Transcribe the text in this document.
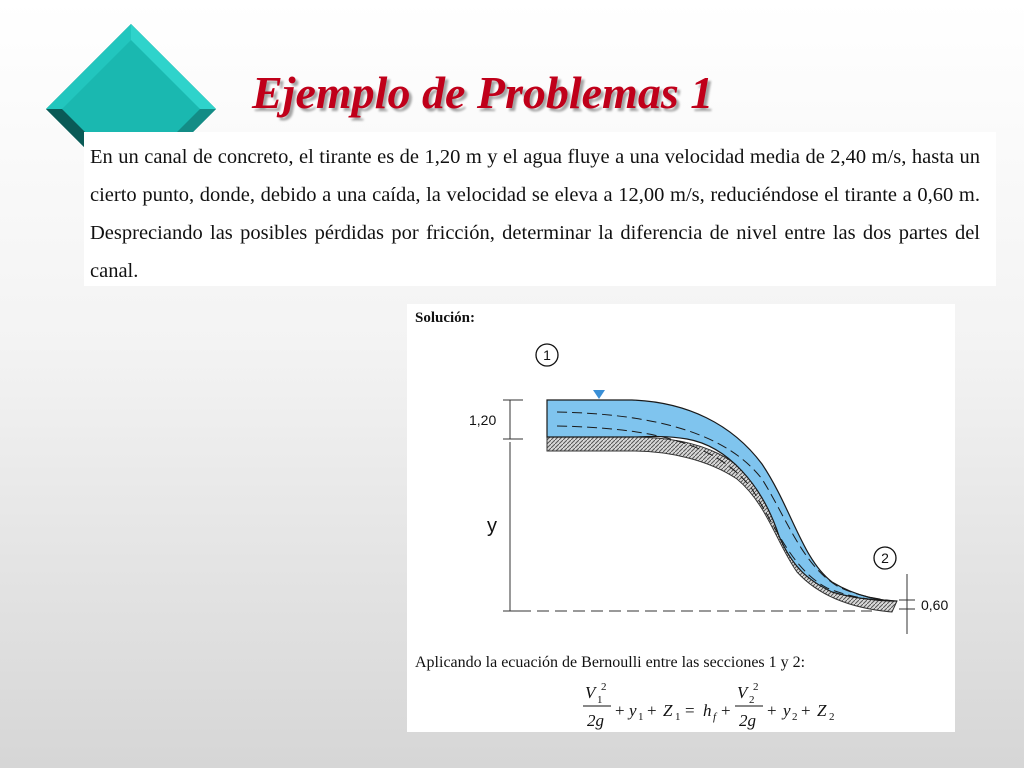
Ejemplo de Problemas 1
En un canal de concreto, el tirante es de 1,20 m y el agua fluye a una velocidad media de 2,40 m/s, hasta un cierto punto, donde, debido a una caída, la velocidad se eleva a 12,00 m/s, reduciéndose el tirante a 0,60 m. Despreciando las posibles pérdidas por fricción, determinar la diferencia de nivel entre las dos partes del canal.
Solución:
1,20
y
0,60
1
2
V 1
2
2g
+ y 1 + Z 1 = h f +
V 2
2
2g
+ y 2 + Z 2
Aplicando la ecuación de Bernoulli entre las secciones 1 y 2:
